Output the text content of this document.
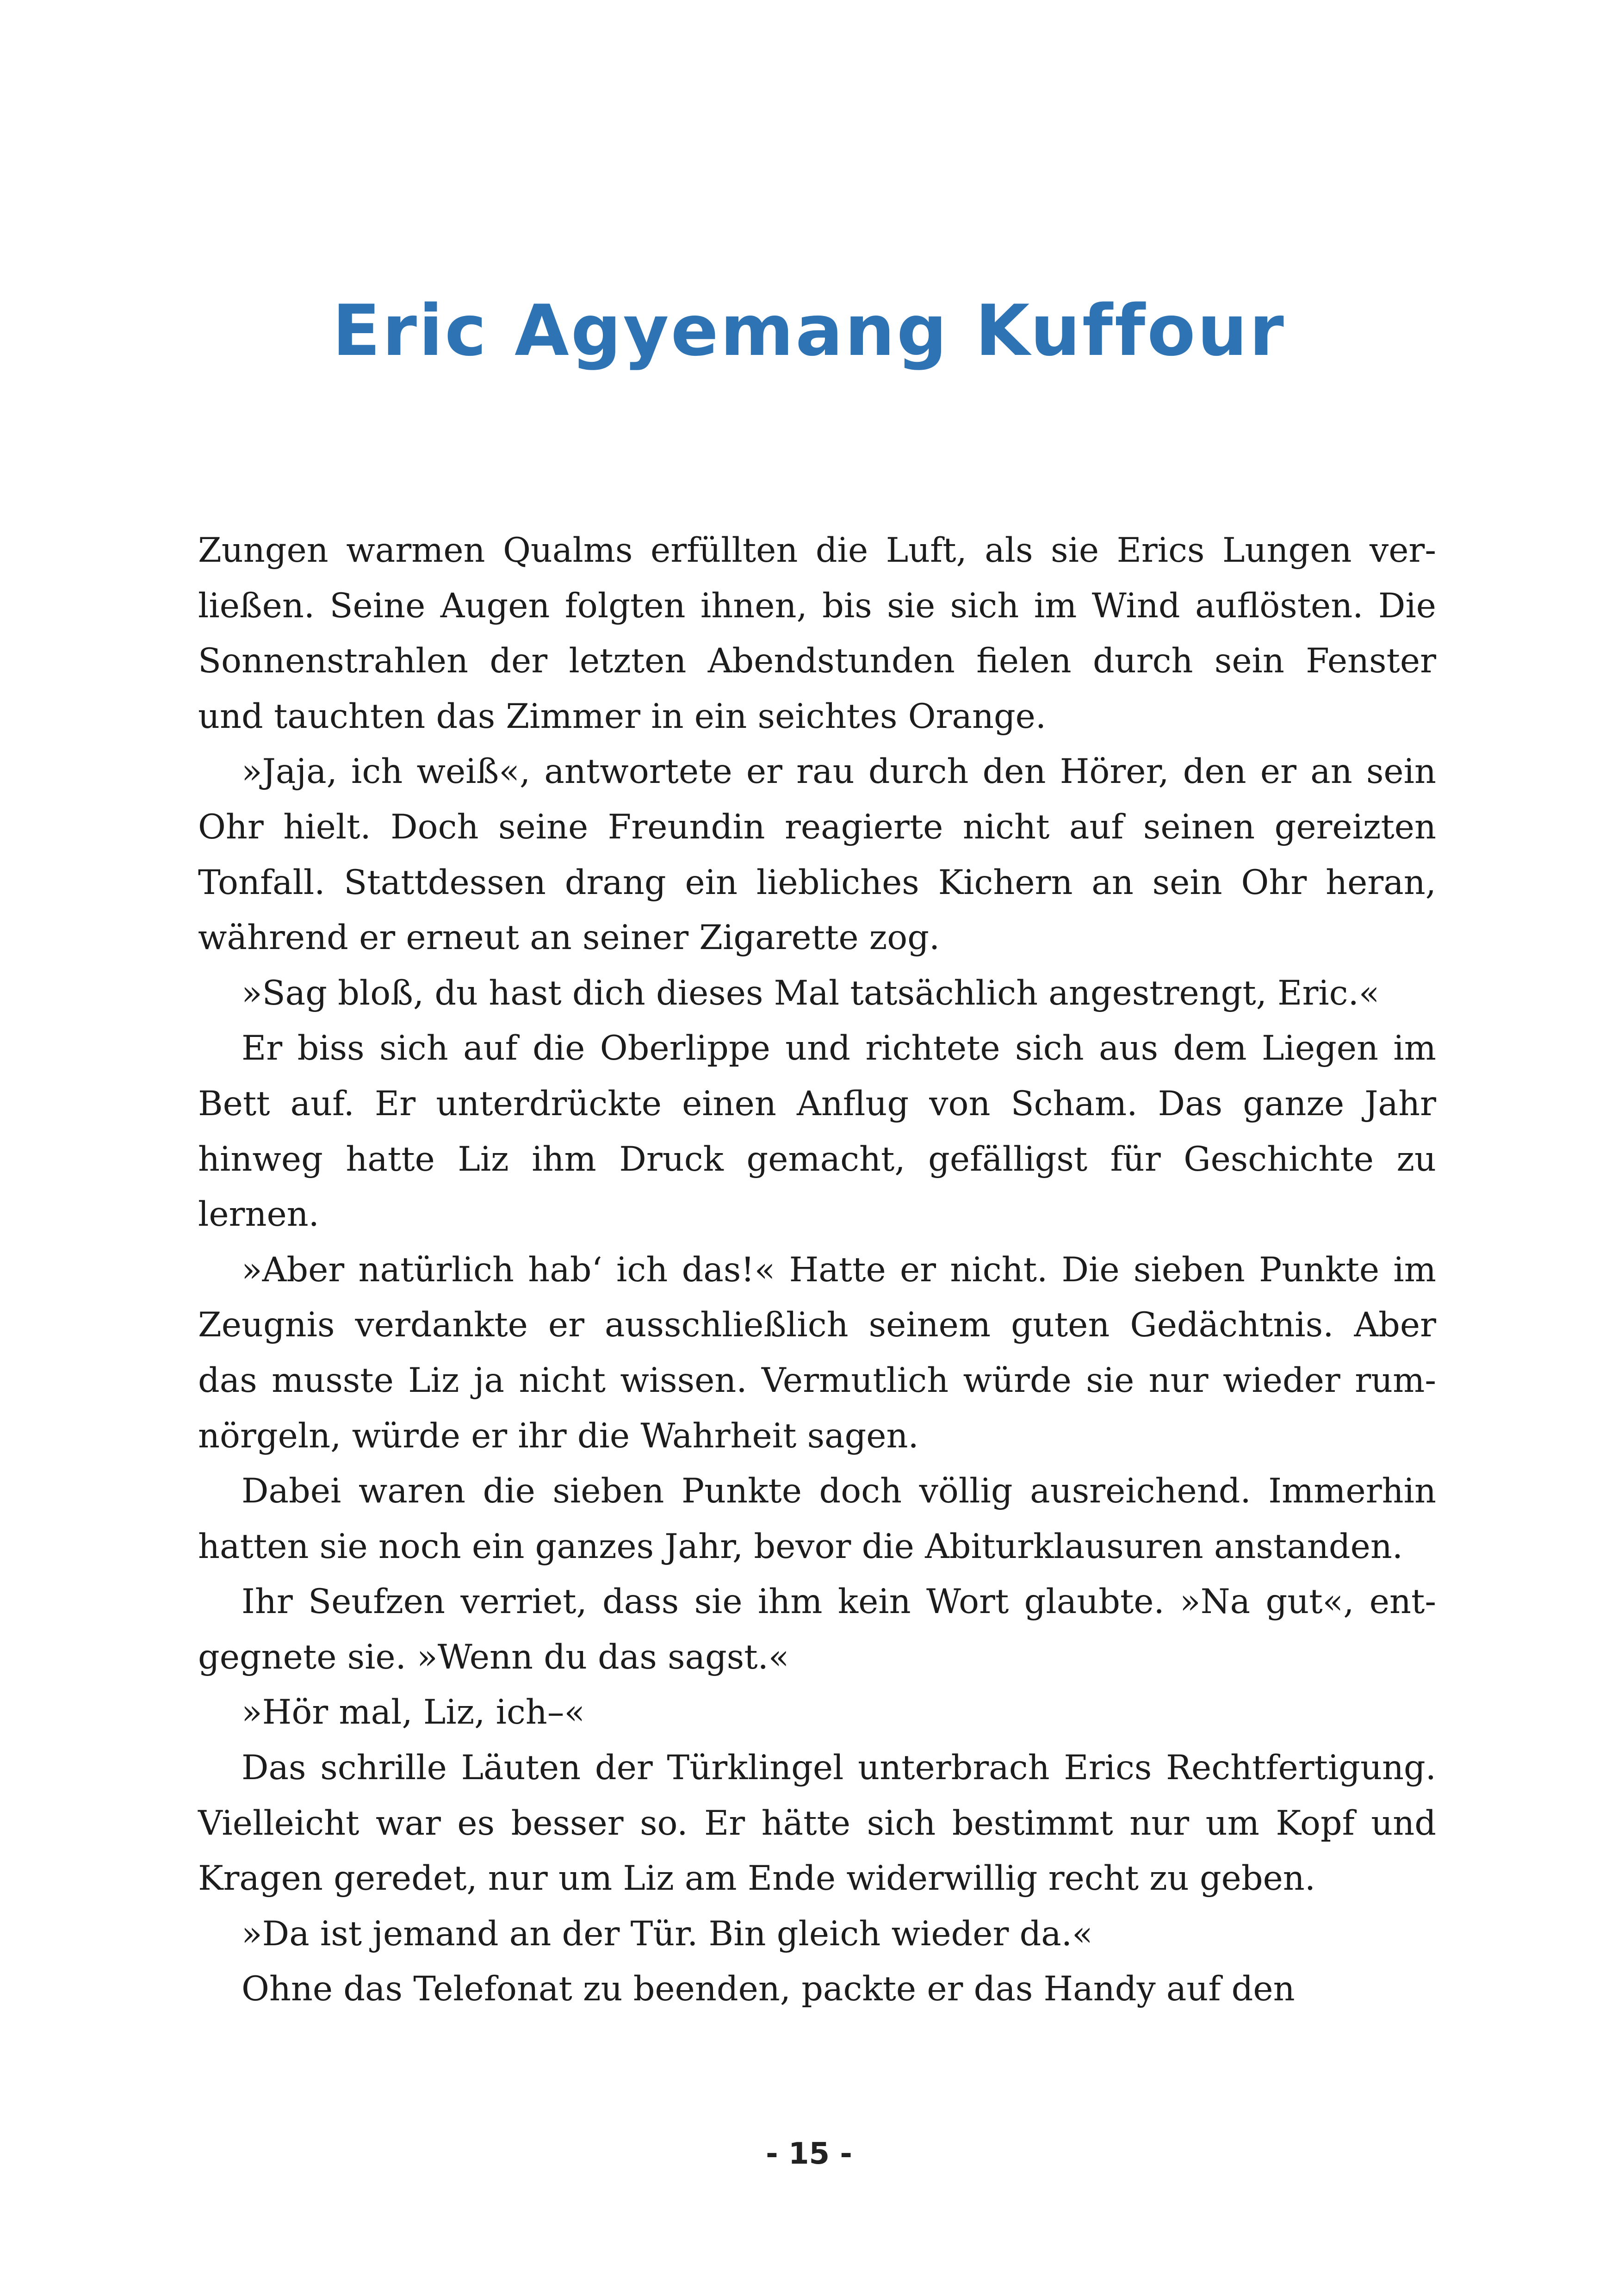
Eric Agyemang Kuffour

Zungen warmen Qualms erfüllten die Luft, als sie Erics Lungen verließen. Seine Augen folgten ihnen, bis sie sich im Wind auflösten. Die Sonnenstrahlen der letzten Abendstunden fielen durch sein Fenster und tauchten das Zimmer in ein seichtes Orange.

»Jaja, ich weiß«, antwortete er rau durch den Hörer, den er an sein Ohr hielt. Doch seine Freundin reagierte nicht auf seinen gereizten Tonfall. Stattdessen drang ein liebliches Kichern an sein Ohr heran, während er erneut an seiner Zigarette zog.

»Sag bloß, du hast dich dieses Mal tatsächlich angestrengt, Eric.«

Er biss sich auf die Oberlippe und richtete sich aus dem Liegen im Bett auf. Er unterdrückte einen Anflug von Scham. Das ganze Jahr hinweg hatte Liz ihm Druck gemacht, gefälligst für Geschichte zu lernen.

»Aber natürlich hab‘ ich das!« Hatte er nicht. Die sieben Punkte im Zeugnis verdankte er ausschließlich seinem guten Gedächtnis. Aber das musste Liz ja nicht wissen. Vermutlich würde sie nur wieder rumnörgeln, würde er ihr die Wahrheit sagen.

Dabei waren die sieben Punkte doch völlig ausreichend. Immerhin hatten sie noch ein ganzes Jahr, bevor die Abiturklausuren anstanden.

Ihr Seufzen verriet, dass sie ihm kein Wort glaubte. »Na gut«, entgegnete sie. »Wenn du das sagst.«

»Hör mal, Liz, ich–«

Das schrille Läuten der Türklingel unterbrach Erics Rechtfertigung. Vielleicht war es besser so. Er hätte sich bestimmt nur um Kopf und Kragen geredet, nur um Liz am Ende widerwillig recht zu geben.

»Da ist jemand an der Tür. Bin gleich wieder da.«

Ohne das Telefonat zu beenden, packte er das Handy auf den

- 15 -
